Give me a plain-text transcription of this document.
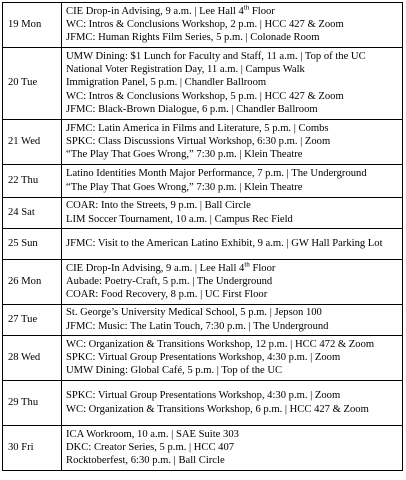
19 Mon	CIE Drop-in Advising, 9 a.m. | Lee Hall 4th Floor
WC: Intros & Conclusions Workshop, 2 p.m. | HCC 427 & Zoom
JFMC: Human Rights Film Series, 5 p.m. | Colonade Room

20 Tue	UMW Dining: $1 Lunch for Faculty and Staff, 11 a.m. | Top of the UC
National Voter Registration Day, 11 a.m. | Campus Walk
Immigration Panel, 5 p.m. | Chandler Ballroom
WC: Intros & Conclusions Workshop, 5 p.m. | HCC 427 & Zoom
JFMC: Black-Brown Dialogue, 6 p.m. | Chandler Ballroom

21 Wed	JFMC: Latin America in Films and Literature, 5 p.m. | Combs
SPKC: Class Discussions Virtual Workshop, 6:30 p.m. | Zoom
“The Play That Goes Wrong,” 7:30 p.m. | Klein Theatre

22 Thu	Latino Identities Month Major Performance, 7 p.m. | The Underground
“The Play That Goes Wrong,” 7:30 p.m. | Klein Theatre

24 Sat	COAR: Into the Streets, 9 p.m. | Ball Circle
LIM Soccer Tournament, 10 a.m. | Campus Rec Field

25 Sun	JFMC: Visit to the American Latino Exhibit, 9 a.m. | GW Hall Parking Lot

26 Mon	CIE Drop-In Advising, 9 a.m. | Lee Hall 4th Floor
Aubade: Poetry-Craft, 5 p.m. | The Underground
COAR: Food Recovery, 8 p.m. | UC First Floor

27 Tue	St. George’s University Medical School, 5 p.m. | Jepson 100
JFMC: Music: The Latin Touch, 7:30 p.m. | The Underground

28 Wed	WC: Organization & Transitions Workshop, 12 p.m. | HCC 472 & Zoom
SPKC: Virtual Group Presentations Workshop, 4:30 p.m. | Zoom
UMW Dining: Global Café, 5 p.m. | Top of the UC

29 Thu	SPKC: Virtual Group Presentations Workshop, 4:30 p.m. | Zoom
WC: Organization & Transitions Workshop, 6 p.m. | HCC 427 & Zoom

30 Fri	ICA Workroom, 10 a.m. | SAE Suite 303
DKC: Creator Series, 5 p.m. | HCC 407
Rocktoberfest, 6:30 p.m. | Ball Circle
